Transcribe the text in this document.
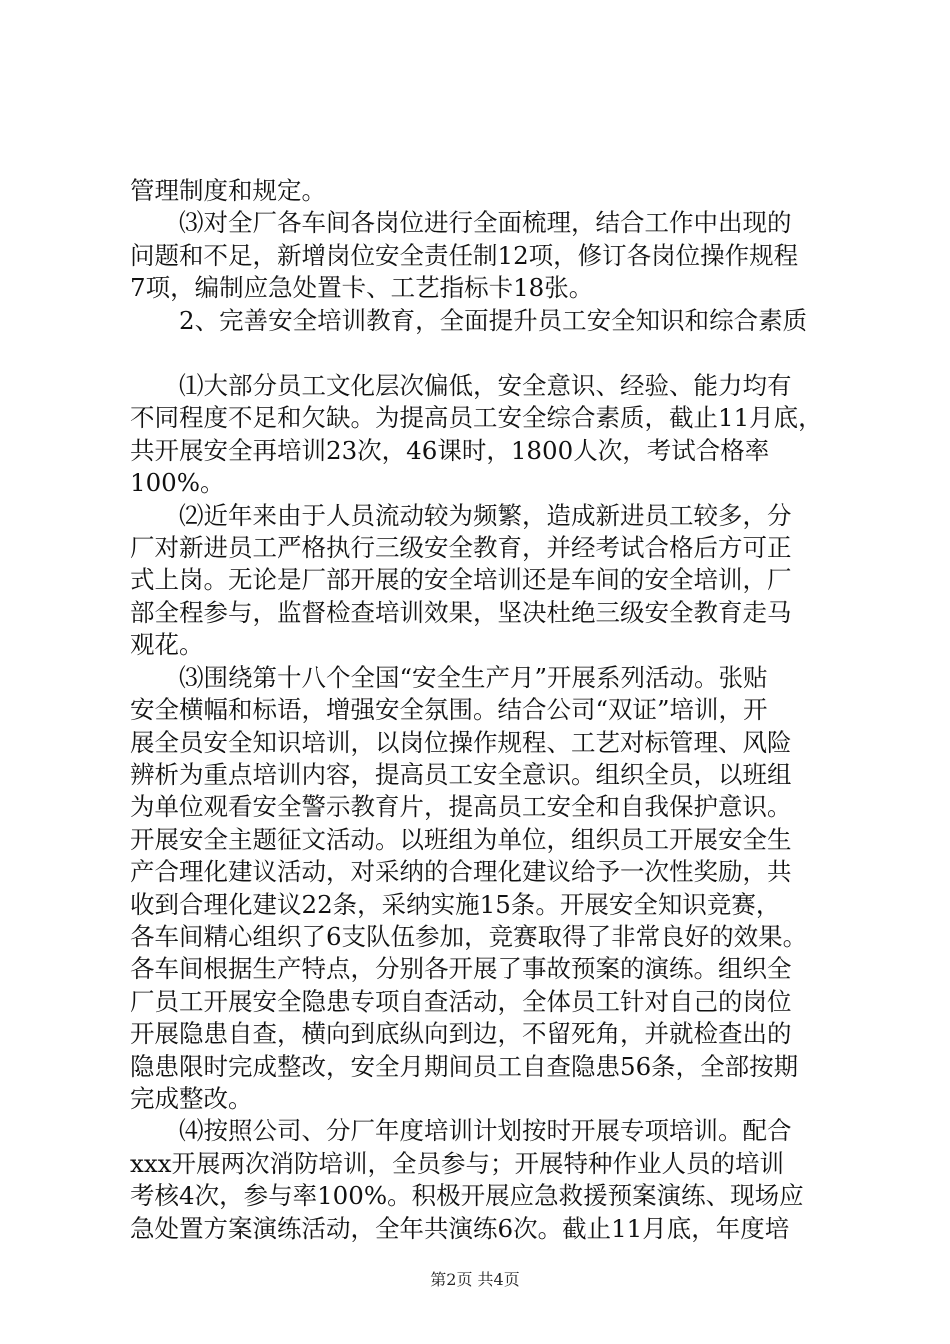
管理制度和规定。

⑶对全厂各车间各岗位进行全面梳理，结合工作中出现的
问题和不足，新增岗位安全责任制12项，修订各岗位操作规程
7项，编制应急处置卡、工艺指标卡18张。

2、完善安全培训教育，全面提升员工安全知识和综合素质

⑴大部分员工文化层次偏低，安全意识、经验、能力均有
不同程度不足和欠缺。为提高员工安全综合素质，截止11月底，
共开展安全再培训23次，46课时，1800人次，考试合格率
100%。

⑵近年来由于人员流动较为频繁，造成新进员工较多，分
厂对新进员工严格执行三级安全教育，并经考试合格后方可正
式上岗。无论是厂部开展的安全培训还是车间的安全培训，厂
部全程参与，监督检查培训效果，坚决杜绝三级安全教育走马
观花。

⑶围绕第十八个全国“安全生产月”开展系列活动。张贴
安全横幅和标语，增强安全氛围。结合公司“双证”培训，开
展全员安全知识培训，以岗位操作规程、工艺对标管理、风险
辨析为重点培训内容，提高员工安全意识。组织全员，以班组
为单位观看安全警示教育片，提高员工安全和自我保护意识。
开展安全主题征文活动。以班组为单位，组织员工开展安全生
产合理化建议活动，对采纳的合理化建议给予一次性奖励，共
收到合理化建议22条，采纳实施15条。开展安全知识竞赛，
各车间精心组织了6支队伍参加，竞赛取得了非常良好的效果。
各车间根据生产特点，分别各开展了事故预案的演练。组织全
厂员工开展安全隐患专项自查活动，全体员工针对自己的岗位
开展隐患自查，横向到底纵向到边，不留死角，并就检查出的
隐患限时完成整改，安全月期间员工自查隐患56条，全部按期
完成整改。

⑷按照公司、分厂年度培训计划按时开展专项培训。配合
xxx开展两次消防培训，全员参与；开展特种作业人员的培训
考核4次，参与率100%。积极开展应急救援预案演练、现场应
急处置方案演练活动，全年共演练6次。截止11月底，年度培

第2页 共4页
